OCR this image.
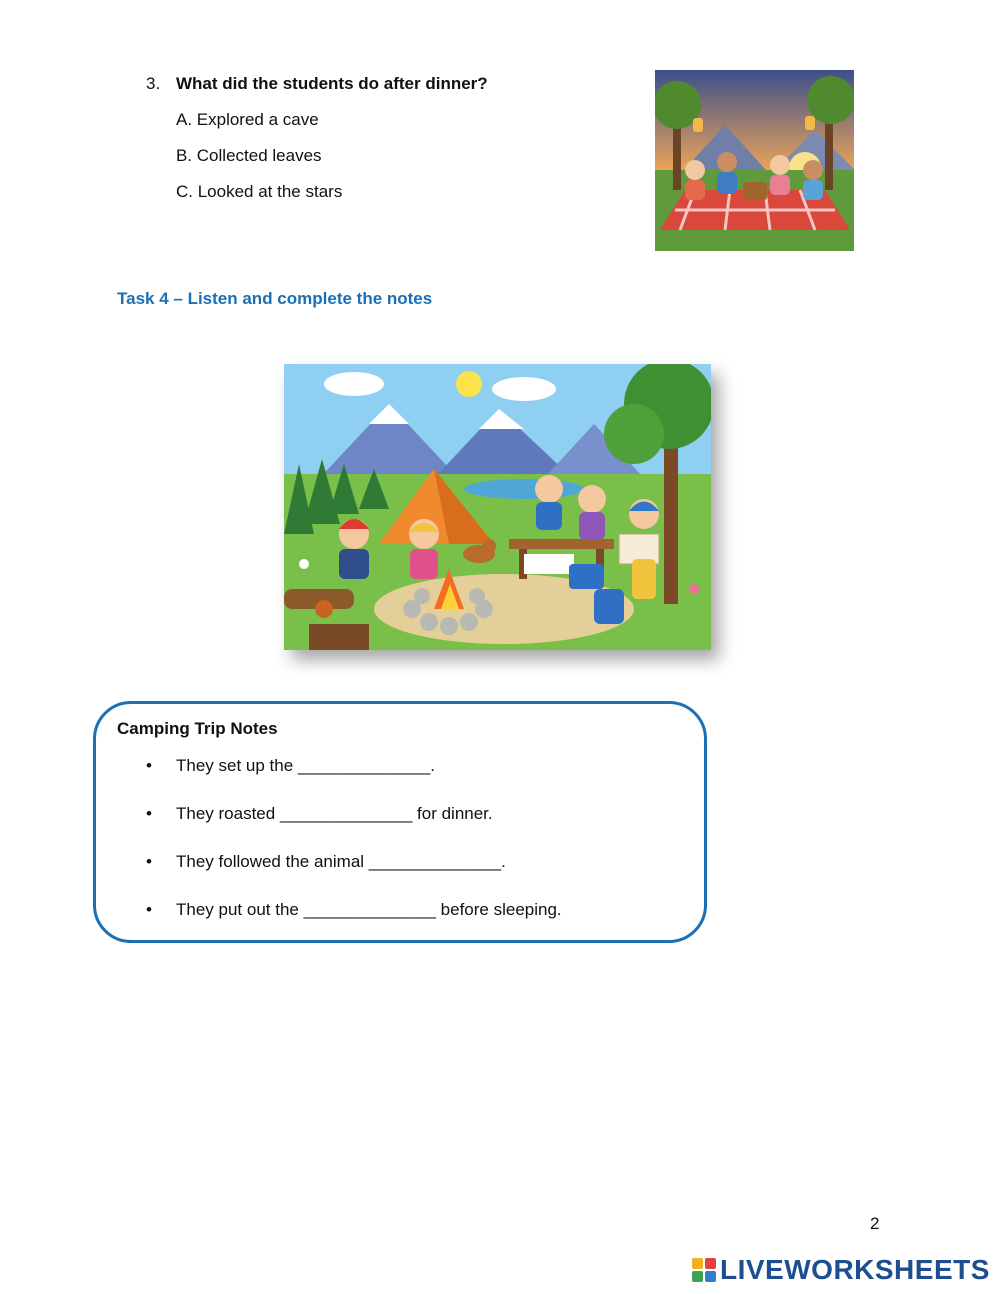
3. What did the students do after dinner?
A. Explored a cave
B. Collected leaves
C. Looked at the stars
Task 4 – Listen and complete the notes
Camping Trip Notes
• They set up the ______________.
• They roasted ______________ for dinner.
• They followed the animal ______________.
• They put out the ______________ before sleeping.
2
LIVEWORKSHEETS
